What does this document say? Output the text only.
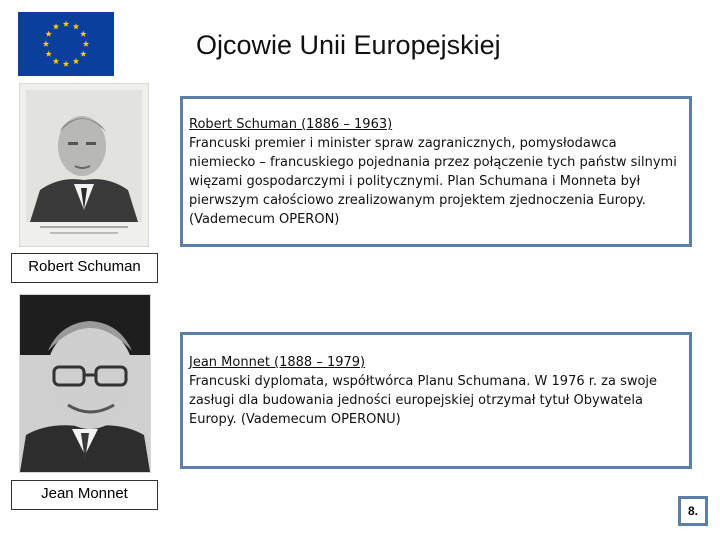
Ojcowie Unii Europejskiej
Robert Schuman
Robert Schuman (1886 – 1963)
Francuski premier i minister spraw zagranicznych, pomysłodawca niemiecko – francuskiego pojednania przez połączenie tych państw silnymi więzami gospodarczymi i politycznymi. Plan Schumana i Monneta był pierwszym całościowo zrealizowanym projektem zjednoczenia Europy. (Vademecum OPERON)
Jean Monnet
Jean Monnet (1888 – 1979)
Francuski dyplomata, współtwórca Planu Schumana. W 1976 r. za swoje zasługi dla budowania jedności europejskiej otrzymał tytuł Obywatela Europy. (Vademecum OPERONU)
8.
